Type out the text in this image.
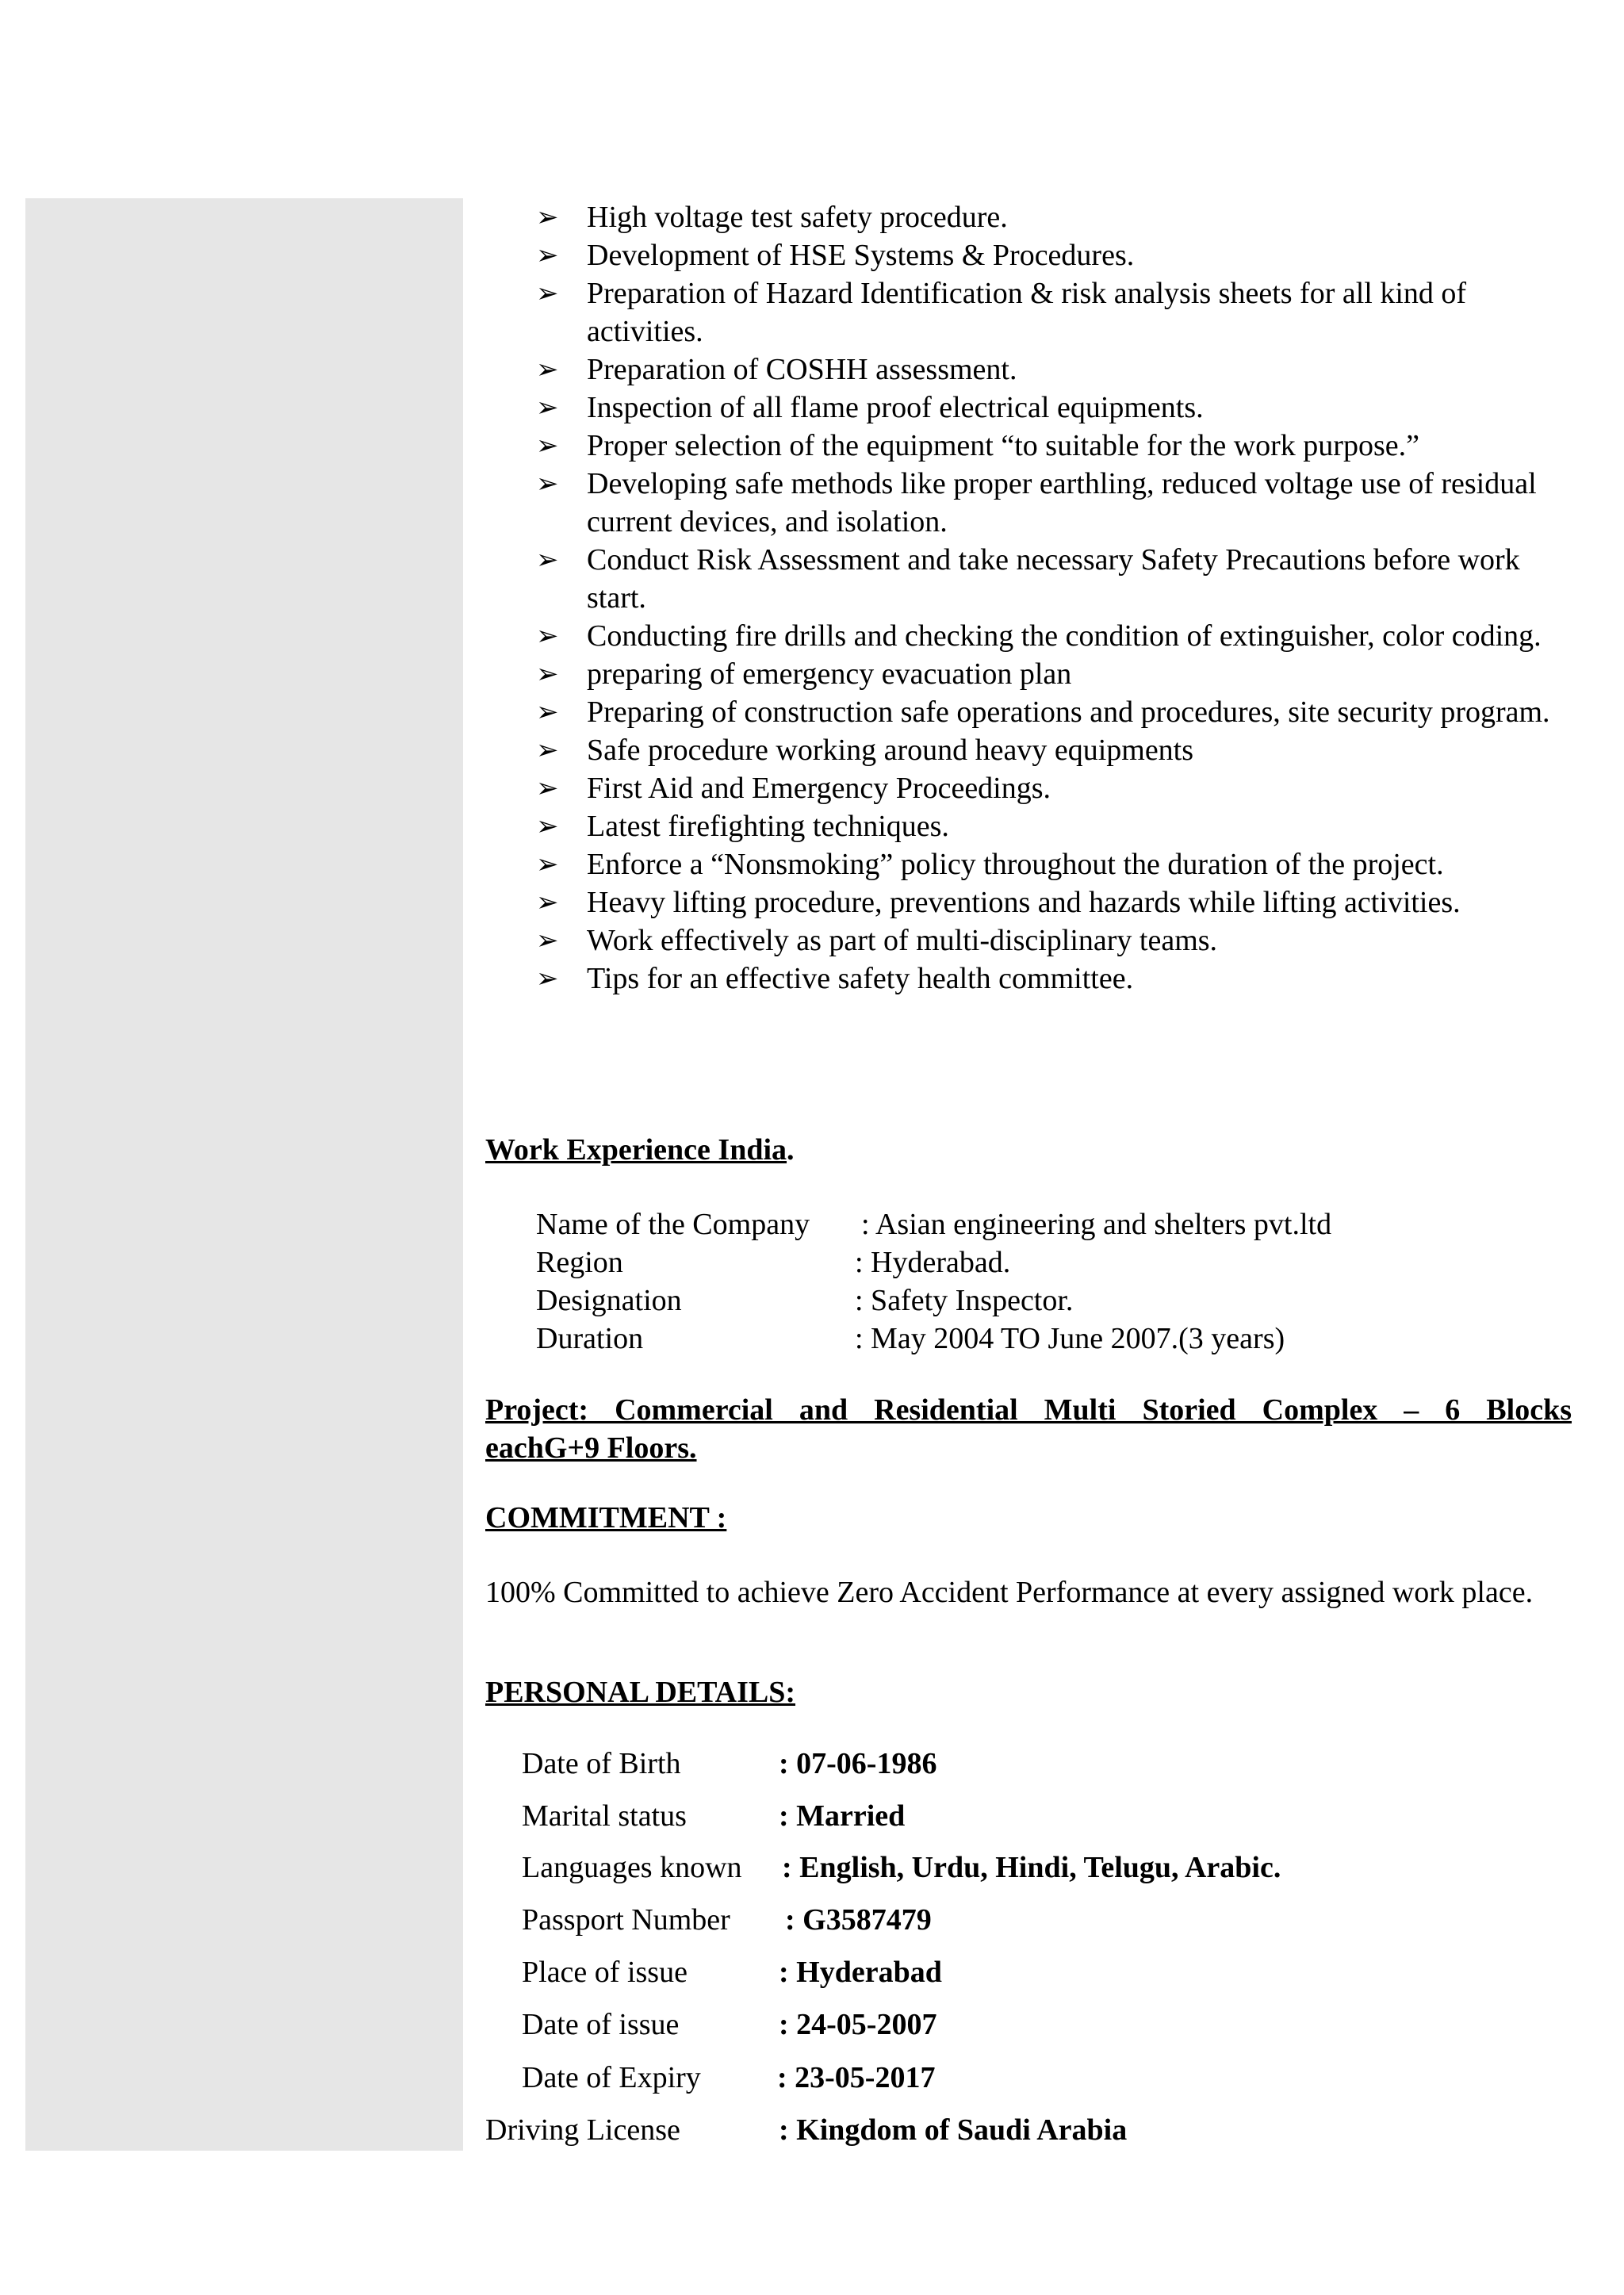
➢ High voltage test safety procedure.
➢ Development of HSE Systems & Procedures.
➢ Preparation of Hazard Identification & risk analysis sheets for all kind of activities.
➢ Preparation of COSHH assessment.
➢ Inspection of all flame proof electrical equipments.
➢ Proper selection of the equipment “to suitable for the work purpose.”
➢ Developing safe methods like proper earthling, reduced voltage use of residual current devices, and isolation.
➢ Conduct Risk Assessment and take necessary Safety Precautions before work start.
➢ Conducting fire drills and checking the condition of extinguisher, color coding.
➢ preparing of emergency evacuation plan
➢ Preparing of construction safe operations and procedures, site security program.
➢ Safe procedure working around heavy equipments
➢ First Aid and Emergency Proceedings.
➢ Latest firefighting techniques.
➢ Enforce a “Nonsmoking” policy throughout the duration of the project.
➢ Heavy lifting procedure, preventions and hazards while lifting activities.
➢ Work effectively as part of multi-disciplinary teams.
➢ Tips for an effective safety health committee.
Work Experience India.
Name of the Company : Asian engineering and shelters pvt.ltd
Region	: Hyderabad.
Designation	: Safety Inspector.
Duration	: May 2004 TO June 2007.(3 years)
Project: Commercial and Residential Multi Storied Complex – 6 Blocks
eachG+9 Floors.
COMMITMENT :
100% Committed to achieve Zero Accident Performance at every assigned work place.
PERSONAL DETAILS:
Date of Birth	: 07-06-1986
Marital status	: Married
Languages known : English, Urdu, Hindi, Telugu, Arabic.
Passport Number : G3587479
Place of issue	: Hyderabad
Date of issue	: 24-05-2007
Date of Expiry	: 23-05-2017
Driving License	: Kingdom of Saudi Arabia
